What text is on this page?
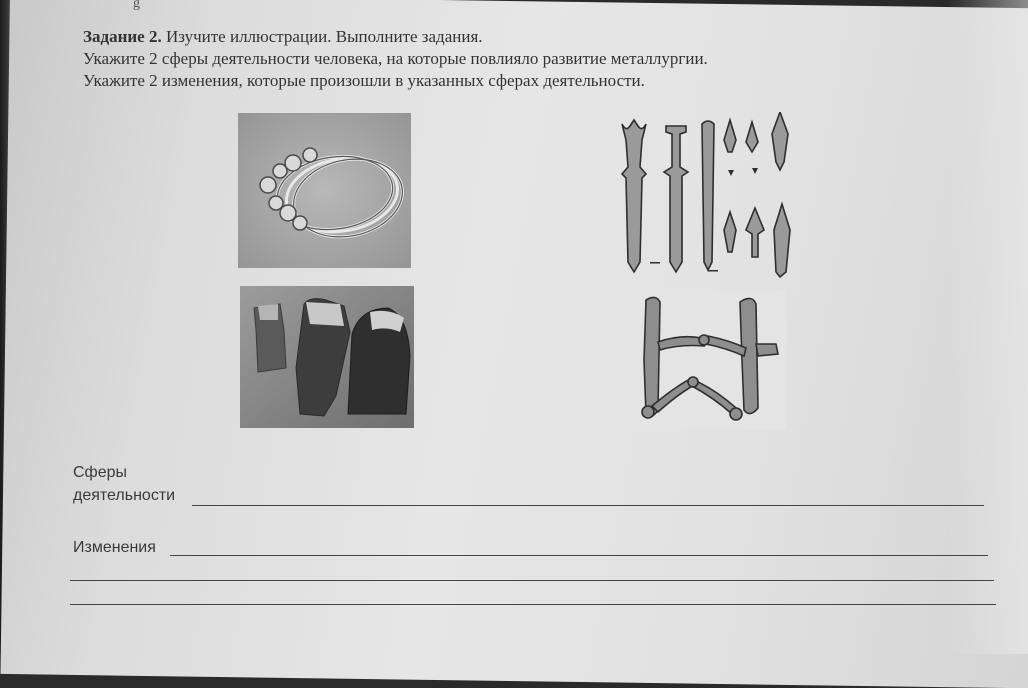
g
Задание 2. Изучите иллюстрации. Выполните задания.
Укажите 2 сферы деятельности человека, на которые повлияло развитие металлургии.
Укажите 2 изменения, которые произошли в указанных сферах деятельности.
Сферы
деятельности
Изменения
